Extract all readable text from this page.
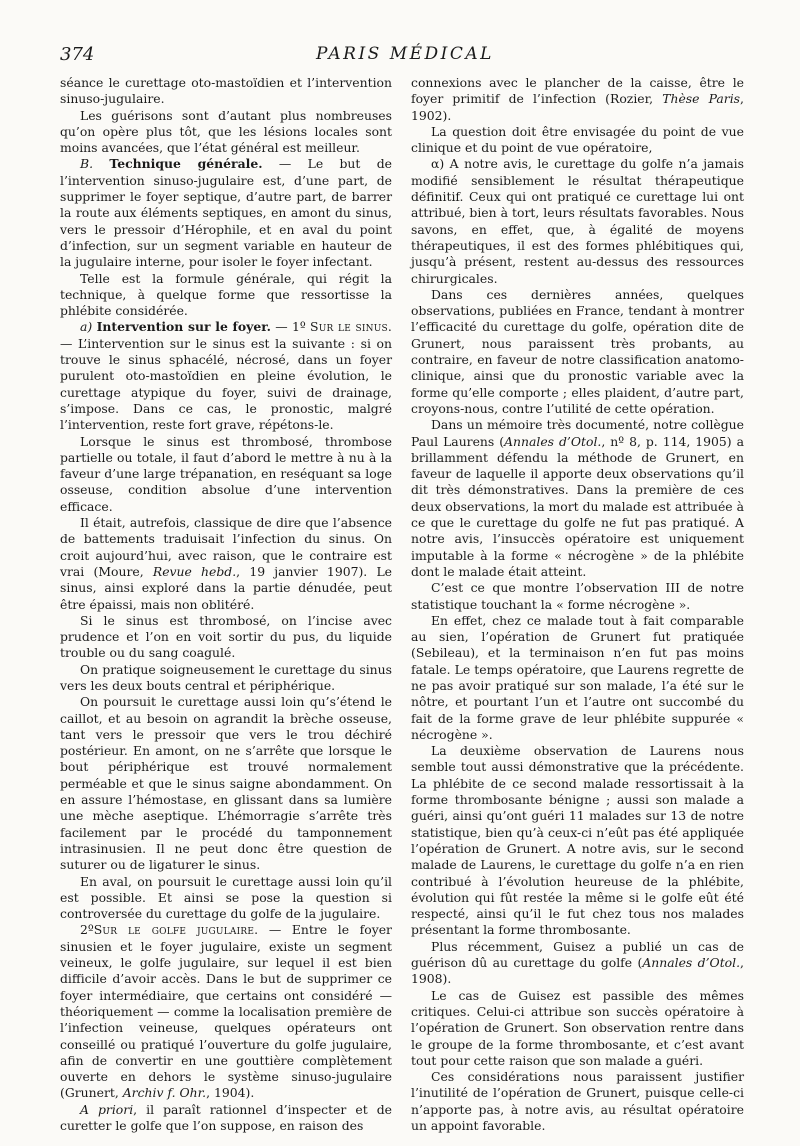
374	PARIS MÉDICAL

séance le curettage oto-mastoïdien et l’intervention sinuso-jugulaire.

Les guérisons sont d’autant plus nombreuses qu’on opère plus tôt, que les lésions locales sont moins avancées, que l’état général est meilleur.

B. Technique générale. — Le but de l’intervention sinuso-jugulaire est, d’une part, de supprimer le foyer septique, d’autre part, de barrer la route aux éléments septiques, en amont du sinus, vers le pressoir d’Hérophile, et en aval du point d’infection, sur un segment variable en hauteur de la jugulaire interne, pour isoler le foyer infectant.

Telle est la formule générale, qui régit la technique, à quelque forme que ressortisse la phlébite considérée.

a) Intervention sur le foyer. — 1º Sur le sinus. — L’intervention sur le sinus est la suivante : si on trouve le sinus sphacélé, nécrosé, dans un foyer purulent oto-mastoïdien en pleine évolution, le curettage atypique du foyer, suivi de drainage, s’impose. Dans ce cas, le pronostic, malgré l’intervention, reste fort grave, répétons-le.

Lorsque le sinus est thrombosé, thrombose partielle ou totale, il faut d’abord le mettre à nu à la faveur d’une large trépanation, en reséquant sa loge osseuse, condition absolue d’une intervention efficace.

Il était, autrefois, classique de dire que l’absence de battements traduisait l’infection du sinus. On croit aujourd’hui, avec raison, que le contraire est vrai (Moure, Revue hebd., 19 janvier 1907). Le sinus, ainsi exploré dans la partie dénudée, peut être épaissi, mais non oblitéré.

Si le sinus est thrombosé, on l’incise avec prudence et l’on en voit sortir du pus, du liquide trouble ou du sang coagulé.

On pratique soigneusement le curettage du sinus vers les deux bouts central et périphérique.

On poursuit le curettage aussi loin qu’s’étend le caillot, et au besoin on agrandit la brèche osseuse, tant vers le pressoir que vers le trou déchiré postérieur. En amont, on ne s’arrête que lorsque le bout périphérique est trouvé normalement perméable et que le sinus saigne abondamment. On en assure l’hémostase, en glissant dans sa lumière une mèche aseptique. L’hémorragie s’arrête très facilement par le procédé du tamponnement intrasinusien. Il ne peut donc être question de suturer ou de ligaturer le sinus.

En aval, on poursuit le curettage aussi loin qu’il est possible. Et ainsi se pose la question si controversée du curettage du golfe de la jugulaire.

2ºSur le golfe jugulaire. — Entre le foyer sinusien et le foyer jugulaire, existe un segment veineux, le golfe jugulaire, sur lequel il est bien difficile d’avoir accès. Dans le but de supprimer ce foyer intermédiaire, que certains ont considéré — théoriquement — comme la localisation première de l’infection veineuse, quelques opérateurs ont conseillé ou pratiqué l’ouverture du golfe jugulaire, afin de convertir en une gouttière complètement ouverte en dehors le système sinuso-jugulaire (Grunert, Archiv f. Ohr., 1904).

A priori, il paraît rationnel d’inspecter et de curetter le golfe que l’on suppose, en raison des

connexions avec le plancher de la caisse, être le foyer primitif de l’infection (Rozier, Thèse Paris, 1902).

La question doit être envisagée du point de vue clinique et du point de vue opératoire,

α) A notre avis, le curettage du golfe n’a jamais modifié sensiblement le résultat thérapeutique définitif. Ceux qui ont pratiqué ce curettage lui ont attribué, bien à tort, leurs résultats favorables. Nous savons, en effet, que, à égalité de moyens thérapeutiques, il est des formes phlébitiques qui, jusqu’à présent, restent au-dessus des ressources chirurgicales.

Dans ces dernières années, quelques observations, publiées en France, tendant à montrer l’efficacité du curettage du golfe, opération dite de Grunert, nous paraissent très probants, au contraire, en faveur de notre classification anatomo-clinique, ainsi que du pronostic variable avec la forme qu’elle comporte ; elles plaident, d’autre part, croyons-nous, contre l’utilité de cette opération.

Dans un mémoire très documenté, notre collègue Paul Laurens (Annales d’Otol., nº 8, p. 114, 1905) a brillamment défendu la méthode de Grunert, en faveur de laquelle il apporte deux observations qu’il dit très démonstratives. Dans la première de ces deux observations, la mort du malade est attribuée à ce que le curettage du golfe ne fut pas pratiqué. A notre avis, l’insuccès opératoire est uniquement imputable à la forme « nécrogène » de la phlébite dont le malade était atteint.

C’est ce que montre l’observation III de notre statistique touchant la « forme nécrogène ».

En effet, chez ce malade tout à fait comparable au sien, l’opération de Grunert fut pratiquée (Sebileau), et la terminaison n’en fut pas moins fatale. Le temps opératoire, que Laurens regrette de ne pas avoir pratiqué sur son malade, l’a été sur le nôtre, et pourtant l’un et l’autre ont succombé du fait de la forme grave de leur phlébite suppurée « nécrogène ».

La deuxième observation de Laurens nous semble tout aussi démonstrative que la précédente. La phlébite de ce second malade ressortissait à la forme thrombosante bénigne ; aussi son malade a guéri, ainsi qu’ont guéri 11 malades sur 13 de notre statistique, bien qu’à ceux-ci n’eût pas été appliquée l’opération de Grunert. A notre avis, sur le second malade de Laurens, le curettage du golfe n’a en rien contribué à l’évolution heureuse de la phlébite, évolution qui fût restée la même si le golfe eût été respecté, ainsi qu’il le fut chez tous nos malades présentant la forme thrombosante.

Plus récemment, Guisez a publié un cas de guérison dû au curettage du golfe (Annales d’Otol., 1908).

Le cas de Guisez est passible des mêmes critiques. Celui-ci attribue son succès opératoire à l’opération de Grunert. Son observation rentre dans le groupe de la forme thrombosante, et c’est avant tout pour cette raison que son malade a guéri.

Ces considérations nous paraissent justifier l’inutilité de l’opération de Grunert, puisque celle-ci n’apporte pas, à notre avis, au résultat opératoire un appoint favorable.
